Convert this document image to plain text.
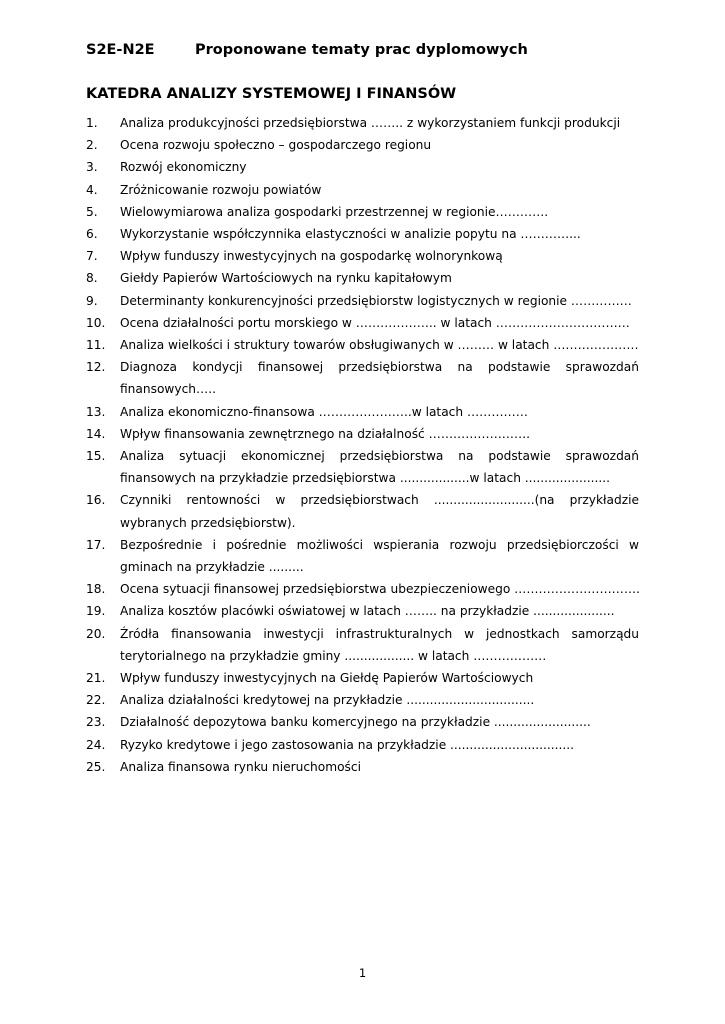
S2E-N2E	Proponowane tematy prac dyplomowych
KATEDRA ANALIZY SYSTEMOWEJ I FINANSÓW
1.	Analiza produkcyjności przedsiębiorstwa …….. z wykorzystaniem funkcji produkcji
2.	Ocena rozwoju społeczno – gospodarczego regionu
3.	Rozwój ekonomiczny
4.	Zróżnicowanie rozwoju powiatów
5.	Wielowymiarowa analiza gospodarki przestrzennej w regionie………….
6.	Wykorzystanie współczynnika elastyczności w analizie popytu na …………...
7.	Wpływ funduszy inwestycyjnych na gospodarkę wolnorynkową
8.	Giełdy Papierów Wartościowych na rynku kapitałowym
9.	Determinanty konkurencyjności przedsiębiorstw logistycznych w regionie ……………
10.	Ocena działalności portu morskiego w ……………….. w latach ……………………………
11.	Analiza wielkości i struktury towarów obsługiwanych w ……… w latach …………………
12.	Diagnoza kondycji finansowej przedsiębiorstwa na podstawie sprawozdań finansowych…..
13.	Analiza ekonomiczno-finansowa …………………..w latach ……………
14.	Wpływ finansowania zewnętrznego na działalność …………………….
15.	Analiza sytuacji ekonomicznej przedsiębiorstwa na podstawie sprawozdań finansowych na przykładzie przedsiębiorstwa ..................w latach ......................
16.	Czynniki rentowności w przedsiębiorstwach ..........................(na przykładzie wybranych przedsiębiorstw).
17.	Bezpośrednie i pośrednie możliwości wspierania rozwoju przedsiębiorczości w gminach na przykładzie .........
18.	Ocena sytuacji finansowej przedsiębiorstwa ubezpieczeniowego ………………………….
19.	Analiza kosztów placówki oświatowej w latach …….. na przykładzie .....................
20.	Źródła finansowania inwestycji infrastrukturalnych w jednostkach samorządu terytorialnego na przykładzie gminy .................. w latach ………………
21.	Wpływ funduszy inwestycyjnych na Giełdę Papierów Wartościowych
22.	Analiza działalności kredytowej na przykładzie .................................
23.	Działalność depozytowa banku komercyjnego na przykładzie .........................
24.	Ryzyko kredytowe i jego zastosowania na przykładzie ................................
25.	Analiza finansowa rynku nieruchomości
1
